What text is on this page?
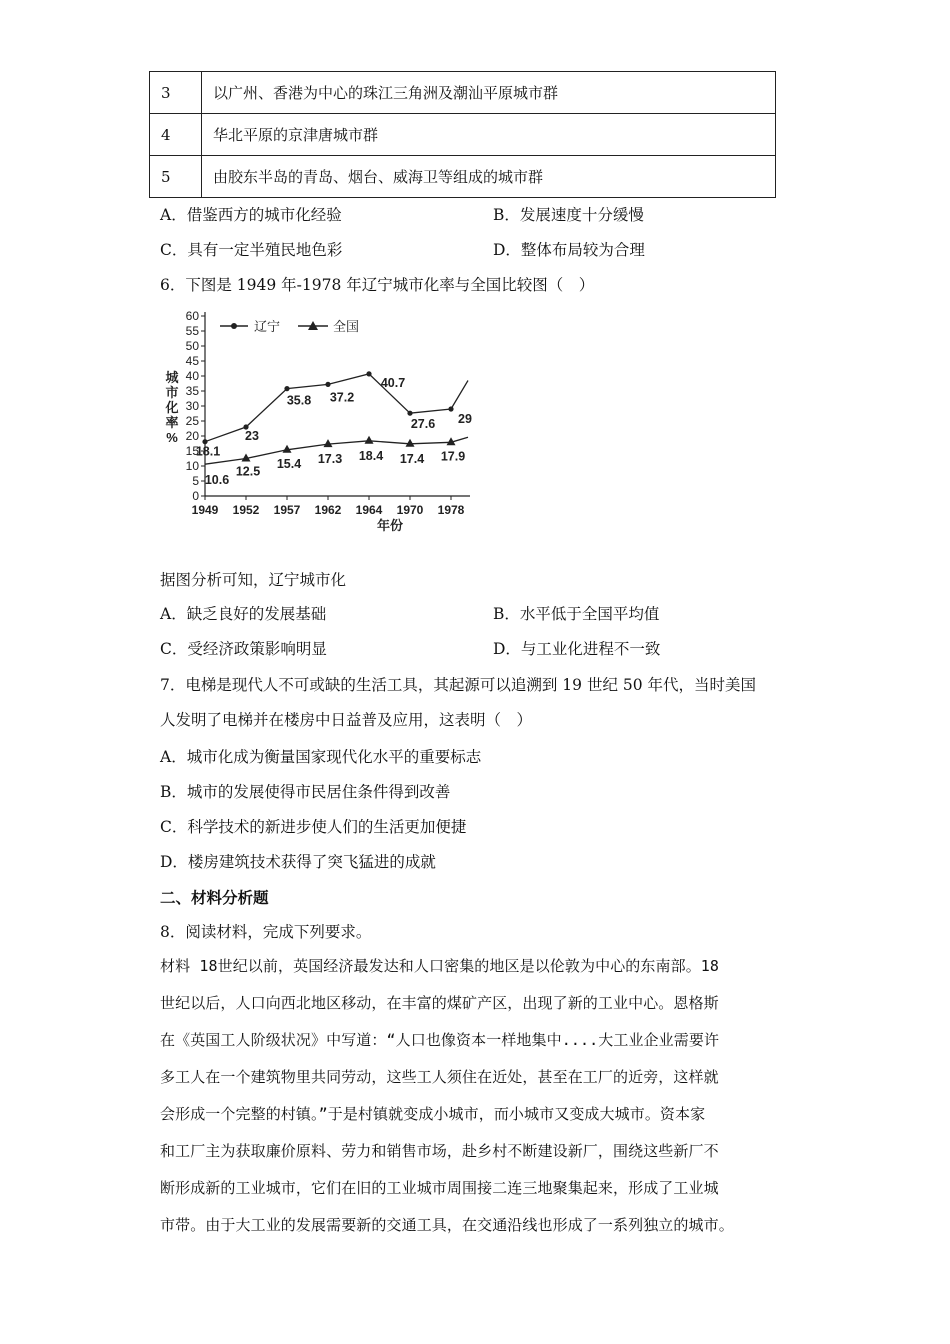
3	以广州、香港为中心的珠江三角洲及潮汕平原城市群
4	华北平原的京津唐城市群
5	由胶东半岛的青岛、烟台、威海卫等组成的城市群
A．借鉴西方的城市化经验	B．发展速度十分缓慢
C．具有一定半殖民地色彩	D．整体布局较为合理
6．下图是 1949 年-1978 年辽宁城市化率与全国比较图（　）
0
5
10
15
20
25
30
35
40
45
50
55
60
1949 1952 1957 1962 1964 1970 1978
年份
城
市
化
率
%
辽宁	全国
18.1
23
35.8 37.2
40.7
27.6 29
10.6
12.5
15.4 17.3 18.4 17.4 17.9
据图分析可知，辽宁城市化
A．缺乏良好的发展基础	B．水平低于全国平均值
C．受经济政策影响明显	D．与工业化进程不一致
7．电梯是现代人不可或缺的生活工具，其起源可以追溯到 19 世纪 50 年代，当时美国
人发明了电梯并在楼房中日益普及应用，这表明（　）
A．城市化成为衡量国家现代化水平的重要标志
B．城市的发展使得市民居住条件得到改善
C．科学技术的新进步使人们的生活更加便捷
D．楼房建筑技术获得了突飞猛进的成就
二、材料分析题
8．阅读材料，完成下列要求。
材料 18世纪以前，英国经济最发达和人口密集的地区是以伦敦为中心的东南部。18
世纪以后，人口向西北地区移动，在丰富的煤矿产区，出现了新的工业中心。恩格斯
在《英国工人阶级状况》中写道：“人口也像资本一样地集中....大工业企业需要许
多工人在一个建筑物里共同劳动，这些工人须住在近处，甚至在工厂的近旁，这样就
会形成一个完整的村镇。”于是村镇就变成小城市，而小城市又变成大城市。资本家
和工厂主为获取廉价原料、劳力和销售市场，赴乡村不断建设新厂，围绕这些新厂不
断形成新的工业城市，它们在旧的工业城市周围接二连三地聚集起来，形成了工业城
市带。由于大工业的发展需要新的交通工具，在交通沿线也形成了一系列独立的城市。
